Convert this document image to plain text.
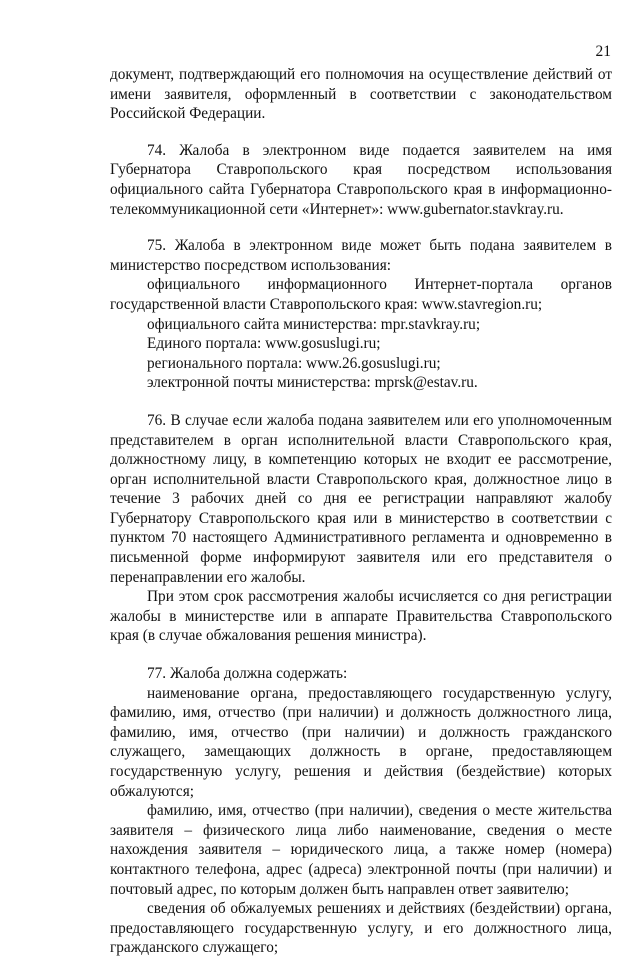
21

документ, подтверждающий его полномочия на осуществление действий от имени заявителя, оформленный в соответствии с законодательством Российской Федерации.

74. Жалоба в электронном виде подается заявителем на имя Губернатора Ставропольского края посредством использования официального сайта Губернатора Ставропольского края в информационно-телекоммуникационной сети «Интернет»: www.gubernator.stavkray.ru.

75. Жалоба в электронном виде может быть подана заявителем в министерство посредством использования:

официального информационного Интернет-портала органов государственной власти Ставропольского края: www.stavregion.ru;

официального сайта министерства: mpr.stavkray.ru;

Единого портала: www.gosuslugi.ru;

регионального портала: www.26.gosuslugi.ru;

электронной почты министерства: mprsk@estav.ru.

76. В случае если жалоба подана заявителем или его уполномоченным представителем в орган исполнительной власти Ставропольского края, должностному лицу, в компетенцию которых не входит ее рассмотрение, орган исполнительной власти Ставропольского края, должностное лицо в течение 3 рабочих дней со дня ее регистрации направляют жалобу Губернатору Ставропольского края или в министерство в соответствии с пунктом 70 настоящего Административного регламента и одновременно в письменной форме информируют заявителя или его представителя о перенаправлении его жалобы.

При этом срок рассмотрения жалобы исчисляется со дня регистрации жалобы в министерстве или в аппарате Правительства Ставропольского края (в случае обжалования решения министра).

77. Жалоба должна содержать:

наименование органа, предоставляющего государственную услугу, фамилию, имя, отчество (при наличии) и должность должностного лица, фамилию, имя, отчество (при наличии) и должность гражданского служащего, замещающих должность в органе, предоставляющем государственную услугу, решения и действия (бездействие) которых обжалуются;

фамилию, имя, отчество (при наличии), сведения о месте жительства заявителя – физического лица либо наименование, сведения о месте нахождения заявителя – юридического лица, а также номер (номера) контактного телефона, адрес (адреса) электронной почты (при наличии) и почтовый адрес, по которым должен быть направлен ответ заявителю;

сведения об обжалуемых решениях и действиях (бездействии) органа, предоставляющего государственную услугу, и его должностного лица, гражданского служащего;
